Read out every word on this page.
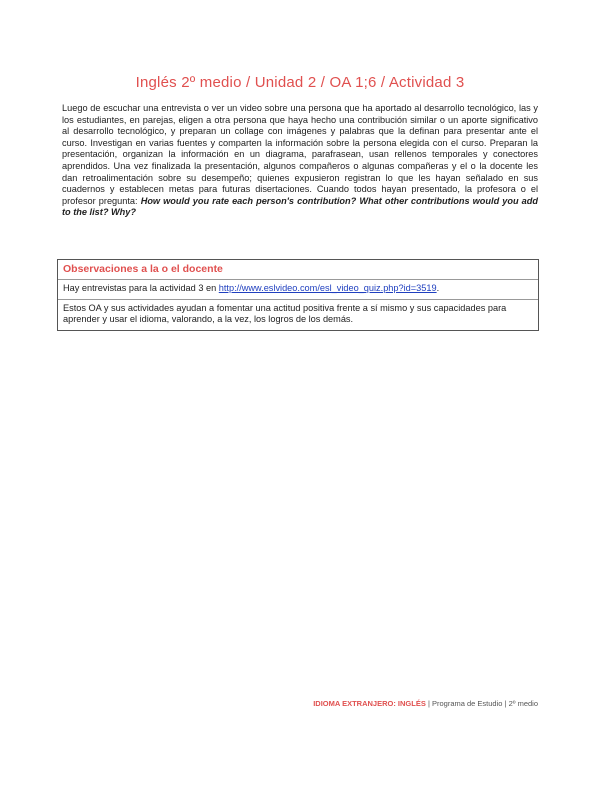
Inglés 2º medio / Unidad 2 / OA 1;6 / Actividad 3
Luego de escuchar una entrevista o ver un video sobre una persona que ha aportado al desarrollo tecnológico, las y los estudiantes, en parejas, eligen a otra persona que haya hecho una contribución similar o un aporte significativo al desarrollo tecnológico, y preparan un collage con imágenes y palabras que la definan para presentar ante el curso. Investigan en varias fuentes y comparten la información sobre la persona elegida con el curso. Preparan la presentación, organizan la información en un diagrama, parafrasean, usan rellenos temporales y conectores aprendidos. Una vez finalizada la presentación, algunos compañeros o algunas compañeras y el o la docente les dan retroalimentación sobre su desempeño; quienes expusieron registran lo que les hayan señalado en sus cuadernos y establecen metas para futuras disertaciones. Cuando todos hayan presentado, la profesora o el profesor pregunta: How would you rate each person's contribution? What other contributions would you add to the list? Why?
Observaciones a la o el docente
Hay entrevistas para la actividad 3 en http://www.eslvideo.com/esl_video_quiz.php?id=3519.
Estos OA y sus actividades ayudan a fomentar una actitud positiva frente a sí mismo y sus capacidades para aprender y usar el idioma, valorando, a la vez, los logros de los demás.
IDIOMA EXTRANJERO: INGLÉS | Programa de Estudio | 2º medio
